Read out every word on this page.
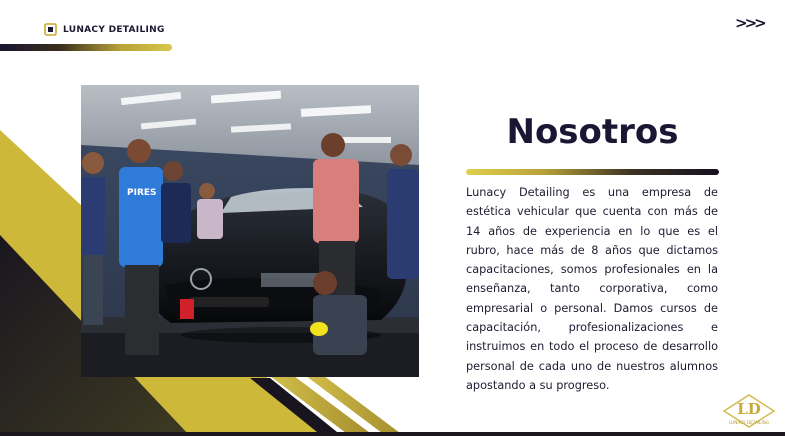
LUNACY DETAILING	>>>
PIRES
Nosotros

Lunacy Detailing es una empresa de estética vehicular que cuenta con más de 14 años de experiencia en lo que es el rubro, hace más de 8 años que dictamos capacitaciones, somos profesionales en la enseñanza, tanto corporativa, como empresarial o personal. Damos cursos de capacitación, profesionalizaciones e instruimos en todo el proceso de desarrollo personal de cada uno de nuestros alumnos apostando a su progreso.

LD
LUNACY DETAILING
